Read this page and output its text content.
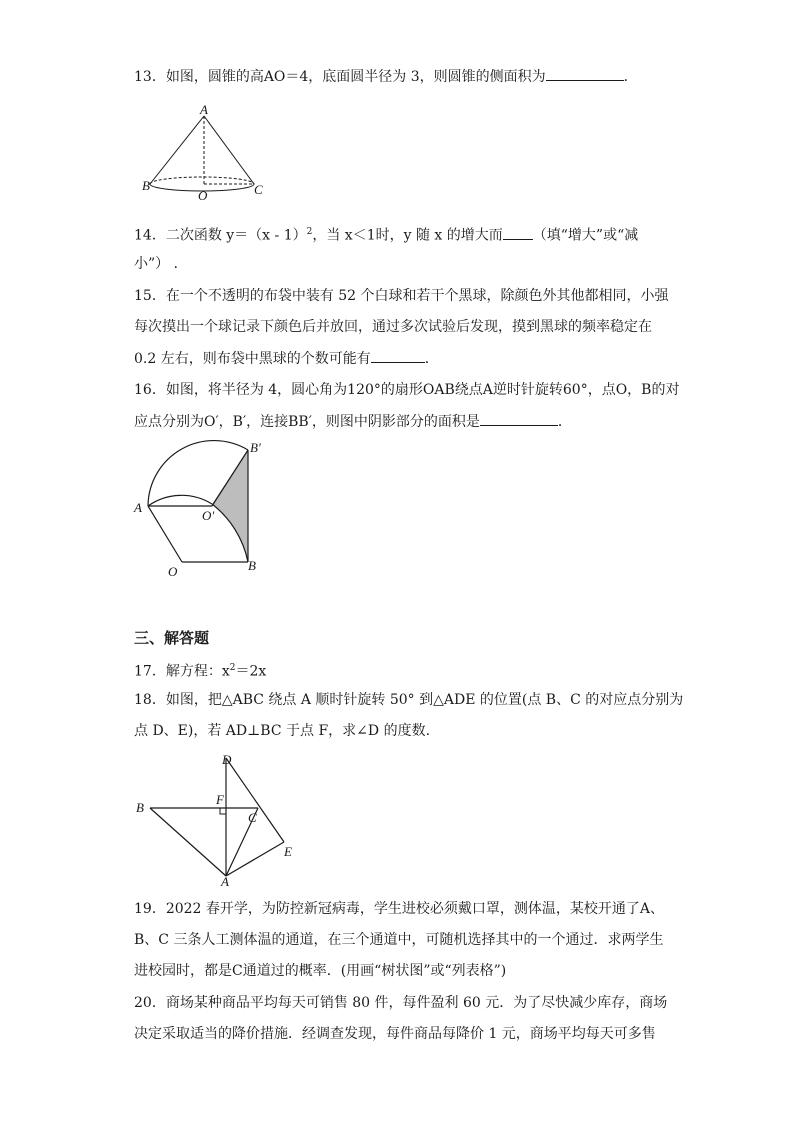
13．如图，圆锥的高AO＝4，底面圆半径为 3，则圆锥的侧面积为	．
A
B
O	C
14．二次函数 y＝（x - 1）$^2$，当 x＜1时，y 随 x 的增大而 （填“增大”或“减
小”） ．
15．在一个不透明的布袋中装有 52 个白球和若干个黑球，除颜色外其他都相同，小强
每次摸出一个球记录下颜色后并放回，通过多次试验后发现，摸到黑球的频率稳定在
0.2 左右，则布袋中黑球的个数可能有	．
16．如图，将半径为 4，圆心角为120°的扇形OAB绕点A逆时针旋转60°，点O，B的对
应点分别为O′，B′，连接BB′，则图中阴影部分的面积是	．
B′
A
O′
O	B
三、解答题
17．解方程：$x^2=2x$
18．如图，把△ABC 绕点 A 顺时针旋转 50° 到△ADE 的位置(点 B、C 的对应点分别为
点 D、E)，若 AD⊥BC 于点 F，求∠D 的度数.
D
B
F
C
E
A
19．2022 春开学，为防控新冠病毒，学生进校必须戴口罩，测体温，某校开通了A、
B、C 三条人工测体温的通道，在三个通道中，可随机选择其中的一个通过．求两学生
进校园时，都是C通道过的概率．(用画“树状图”或“列表格”)
20．商场某种商品平均每天可销售 80 件，每件盈利 60 元．为了尽快减少库存，商场
决定采取适当的降价措施．经调查发现，每件商品每降价 1 元，商场平均每天可多售
